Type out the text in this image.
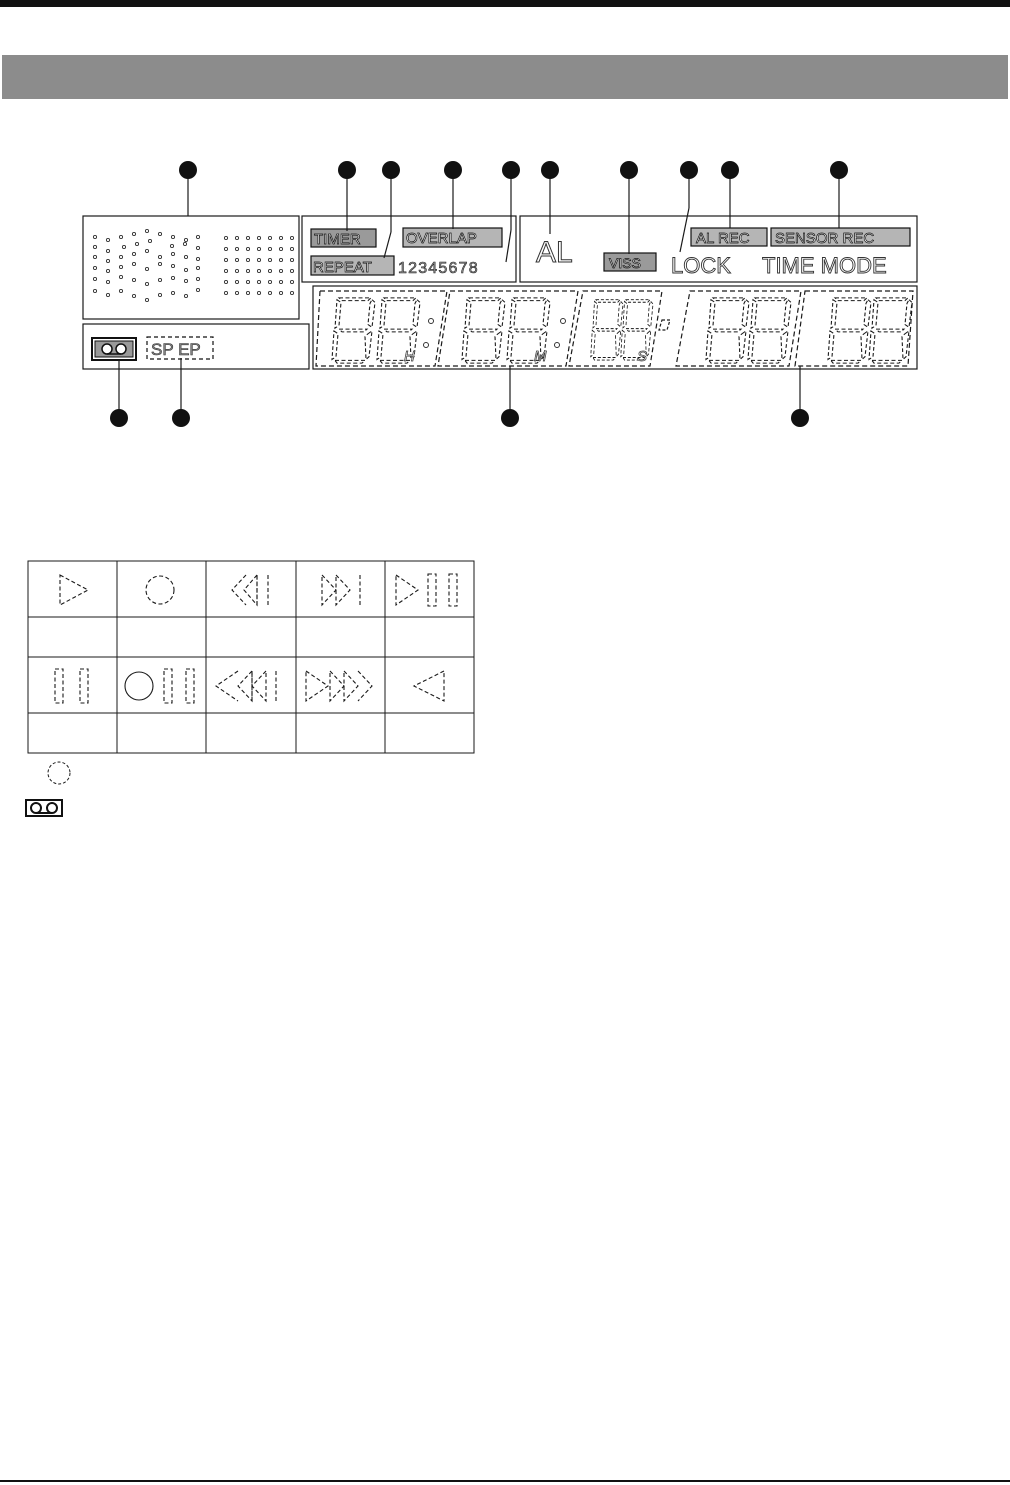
SP EP
TIMER	OVERLAP
REPEAT 12345678 AL	VISS LOCK
AL REC SENSOR REC
TIME MODE
H	M	S
